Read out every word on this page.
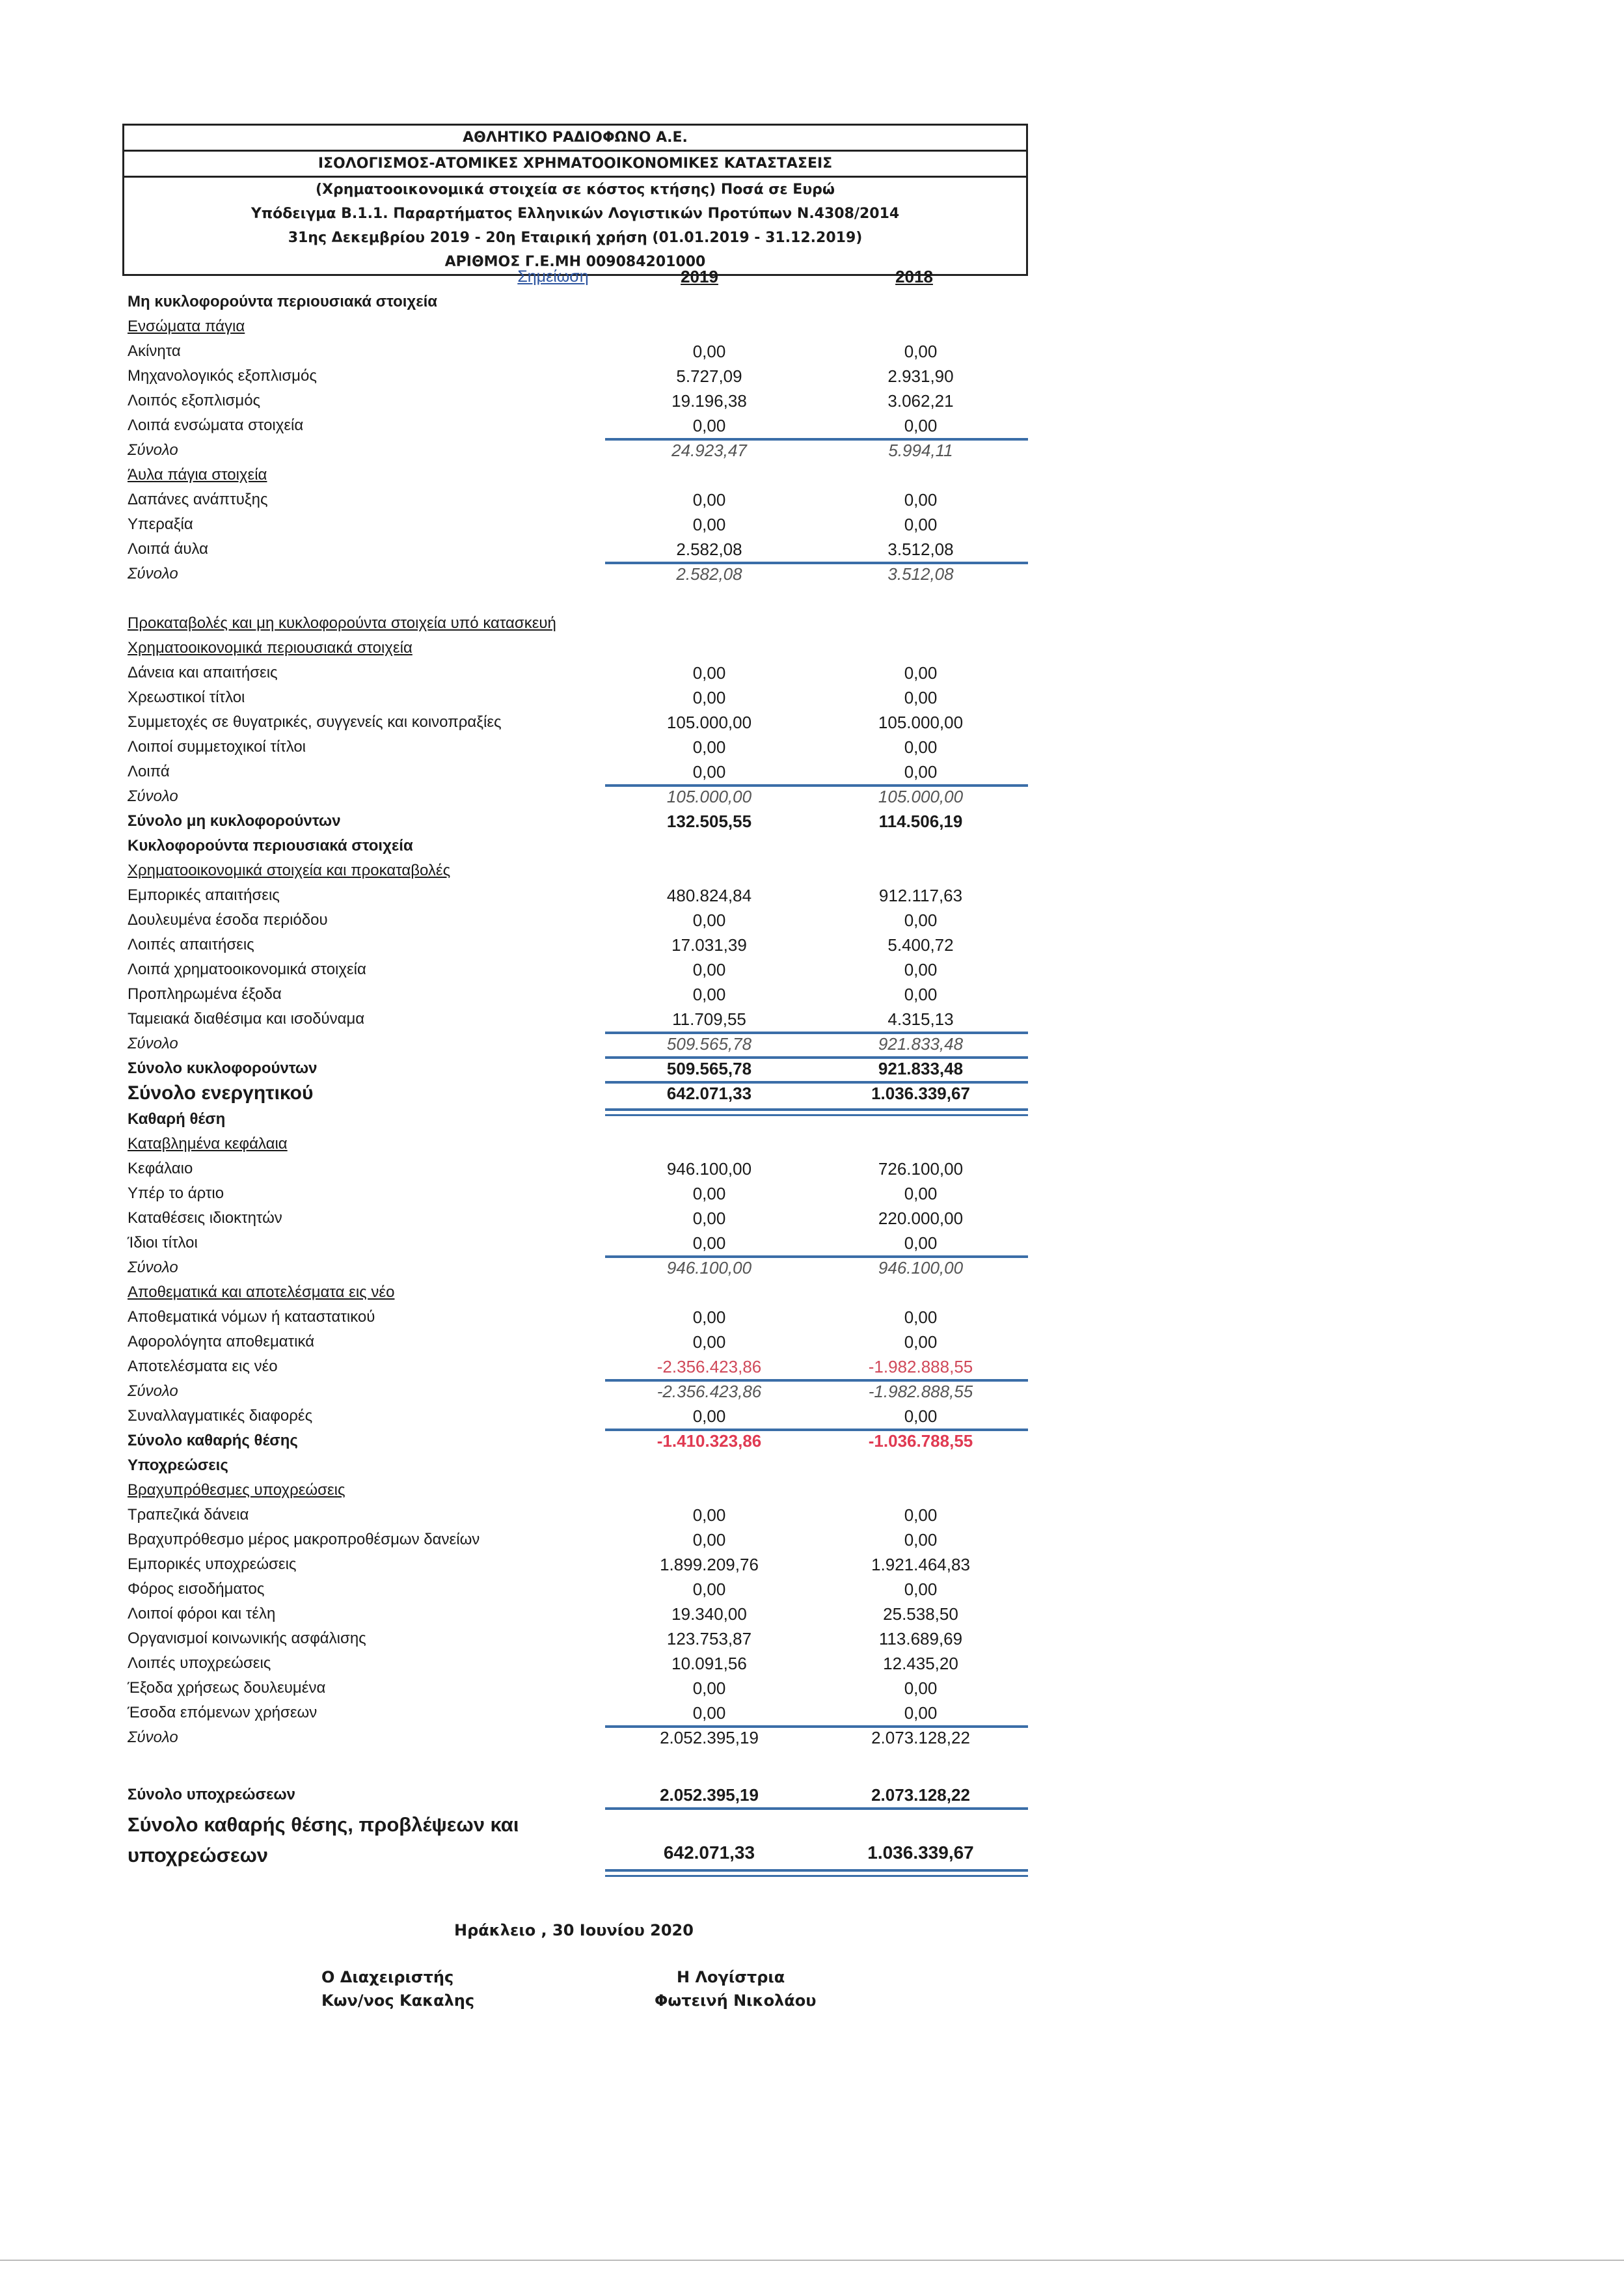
ΑΘΛΗΤΙΚΟ ΡΑΔΙΟΦΩΝΟ Α.Ε.
ΙΣΟΛΟΓΙΣΜΟΣ-ΑΤΟΜΙΚΕΣ ΧΡΗΜΑΤΟΟΙΚΟΝΟΜΙΚΕΣ ΚΑΤΑΣΤΑΣΕΙΣ
(Χρηματοοικονομικά στοιχεία σε κόστος κτήσης) Ποσά σε Ευρώ
Υπόδειγμα Β.1.1. Παραρτήματος Ελληνικών Λογιστικών Προτύπων Ν.4308/2014
31ης Δεκεμβρίου 2019 - 20η Εταιρική χρήση (01.01.2019 - 31.12.2019)
ΑΡΙΘΜΟΣ Γ.Ε.ΜΗ 009084201000
Σημείωση	2019	2018
Μη κυκλοφορούντα περιουσιακά στοιχεία
Ενσώματα πάγια
Ακίνητα	0,00	0,00
Μηχανολογικός εξοπλισμός	5.727,09	2.931,90
Λοιπός εξοπλισμός	19.196,38	3.062,21
Λοιπά ενσώματα στοιχεία	0,00	0,00
Σύνολο	24.923,47	5.994,11
Άυλα πάγια στοιχεία
Δαπάνες ανάπτυξης	0,00	0,00
Υπεραξία	0,00	0,00
Λοιπά άυλα	2.582,08	3.512,08
Σύνολο	2.582,08	3.512,08
Προκαταβολές και μη κυκλοφορούντα στοιχεία υπό κατασκευή
Χρηματοοικονομικά περιουσιακά στοιχεία
Δάνεια και απαιτήσεις	0,00	0,00
Χρεωστικοί τίτλοι	0,00	0,00
Συμμετοχές σε θυγατρικές, συγγενείς και κοινοπραξίες	105.000,00	105.000,00
Λοιποί συμμετοχικοί τίτλοι	0,00	0,00
Λοιπά	0,00	0,00
Σύνολο	105.000,00	105.000,00
Σύνολο μη κυκλοφορούντων	132.505,55	114.506,19
Κυκλοφορούντα περιουσιακά στοιχεία
Χρηματοοικονομικά στοιχεία και προκαταβολές
Εμπορικές απαιτήσεις	480.824,84	912.117,63
Δουλευμένα έσοδα περιόδου	0,00	0,00
Λοιπές απαιτήσεις	17.031,39	5.400,72
Λοιπά χρηματοοικονομικά στοιχεία	0,00	0,00
Προπληρωμένα έξοδα	0,00	0,00
Ταμειακά διαθέσιμα και ισοδύναμα	11.709,55	4.315,13
Σύνολο	509.565,78	921.833,48
Σύνολο κυκλοφορούντων	509.565,78	921.833,48
Σύνολο ενεργητικού	642.071,33	1.036.339,67
Καθαρή θέση
Καταβλημένα κεφάλαια
Κεφάλαιο	946.100,00	726.100,00
Υπέρ το άρτιο	0,00	0,00
Καταθέσεις ιδιοκτητών	0,00	220.000,00
Ίδιοι τίτλοι	0,00	0,00
Σύνολο	946.100,00	946.100,00
Αποθεματικά και αποτελέσματα εις νέο
Αποθεματικά νόμων ή καταστατικού	0,00	0,00
Αφορολόγητα αποθεματικά	0,00	0,00
Αποτελέσματα εις νέο	-2.356.423,86	-1.982.888,55
Σύνολο	-2.356.423,86	-1.982.888,55
Συναλλαγματικές διαφορές	0,00	0,00
Σύνολο καθαρής θέσης	-1.410.323,86	-1.036.788,55
Υποχρεώσεις
Βραχυπρόθεσμες υποχρεώσεις
Τραπεζικά δάνεια	0,00	0,00
Βραχυπρόθεσμο μέρος μακροπροθέσμων δανείων	0,00	0,00
Εμπορικές υποχρεώσεις	1.899.209,76	1.921.464,83
Φόρος εισοδήματος	0,00	0,00
Λοιποί φόροι και τέλη	19.340,00	25.538,50
Οργανισμοί κοινωνικής ασφάλισης	123.753,87	113.689,69
Λοιπές υποχρεώσεις	10.091,56	12.435,20
Έξοδα χρήσεως δουλευμένα	0,00	0,00
Έσοδα επόμενων χρήσεων	0,00	0,00
Σύνολο	2.052.395,19	2.073.128,22
Σύνολο υποχρεώσεων	2.052.395,19	2.073.128,22
Σύνολο καθαρής θέσης, προβλέψεων και
υποχρεώσεων	642.071,33	1.036.339,67
Ηράκλειο , 30 Ιουνίου 2020
Ο Διαχειριστής
Κων/νος Κακαλης
Η Λογίστρια
Φωτεινή Νικολάου
